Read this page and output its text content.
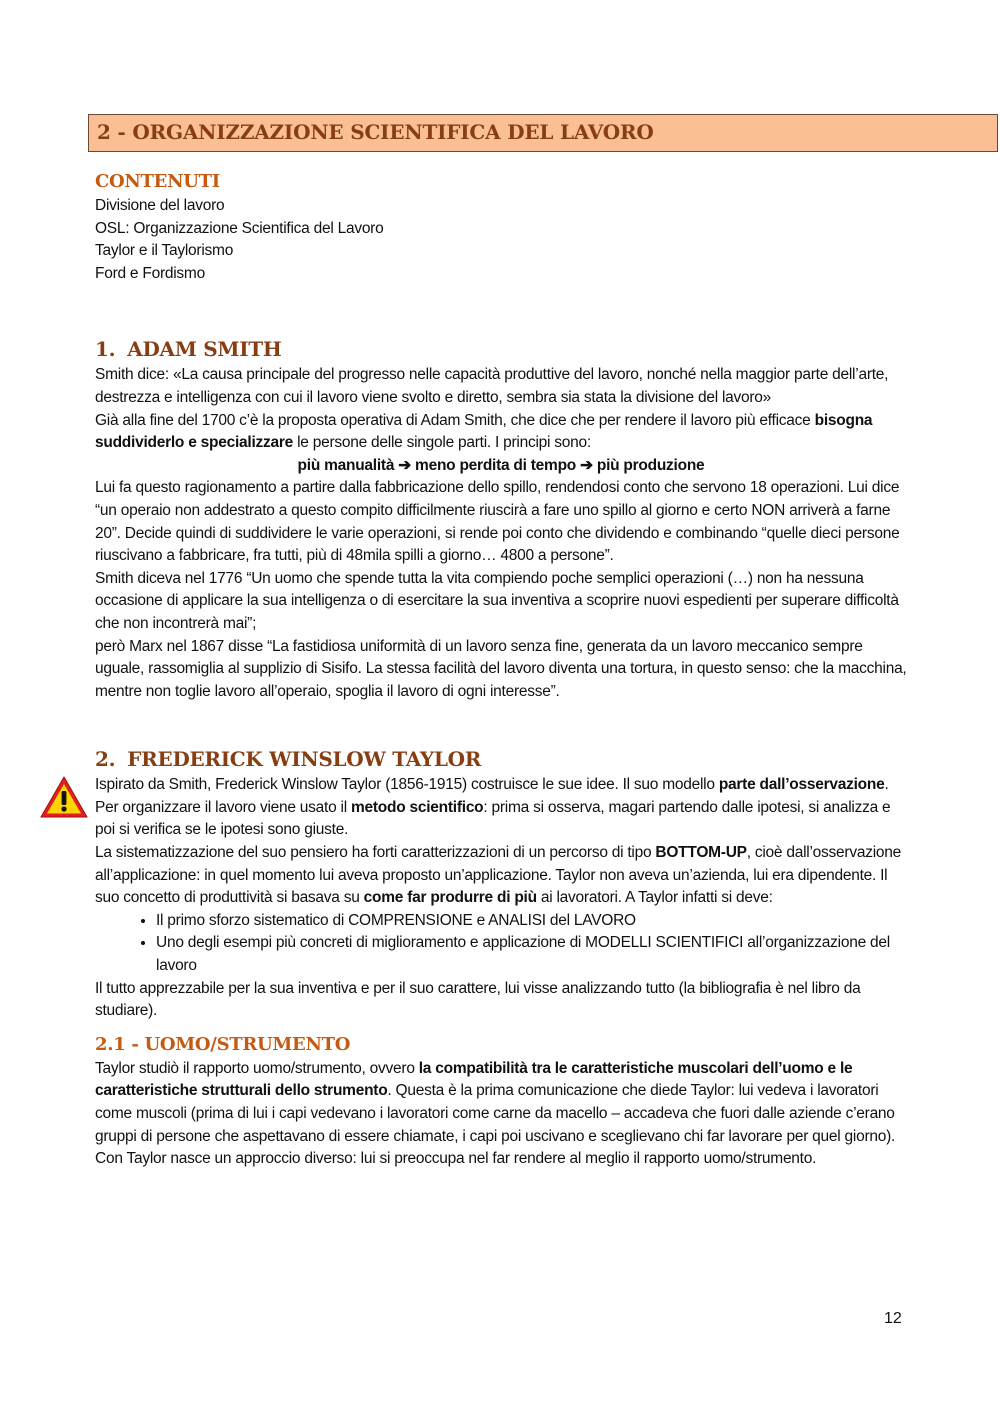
2 - ORGANIZZAZIONE SCIENTIFICA DEL LAVORO
CONTENUTI

Divisione del lavoro

OSL: Organizzazione Scientifica del Lavoro

Taylor e il Taylorismo

Ford e Fordismo

1. ADAM SMITH

Smith dice: «La causa principale del progresso nelle capacità produttive del lavoro, nonché nella maggior parte dell’arte, destrezza e intelligenza con cui il lavoro viene svolto e diretto, sembra sia stata la divisione del lavoro»

Già alla fine del 1700 c’è la proposta operativa di Adam Smith, che dice che per rendere il lavoro più efficace bisogna suddividerlo e specializzare le persone delle singole parti. I principi sono:

più manualità ➔ meno perdita di tempo ➔ più produzione

Lui fa questo ragionamento a partire dalla fabbricazione dello spillo, rendendosi conto che servono 18 operazioni. Lui dice “un operaio non addestrato a questo compito difficilmente riuscirà a fare uno spillo al giorno e certo NON arriverà a farne 20”. Decide quindi di suddividere le varie operazioni, si rende poi conto che dividendo e combinando “quelle dieci persone riuscivano a fabbricare, fra tutti, più di 48mila spilli a giorno… 4800 a persone”.

Smith diceva nel 1776 “Un uomo che spende tutta la vita compiendo poche semplici operazioni (…) non ha nessuna occasione di applicare la sua intelligenza o di esercitare la sua inventiva a scoprire nuovi espedienti per superare difficoltà che non incontrerà mai”;

però Marx nel 1867 disse “La fastidiosa uniformità di un lavoro senza fine, generata da un lavoro meccanico sempre uguale, rassomiglia al supplizio di Sisifo. La stessa facilità del lavoro diventa una tortura, in questo senso: che la macchina, mentre non toglie lavoro all’operaio, spoglia il lavoro di ogni interesse”.

2. FREDERICK WINSLOW TAYLOR

Ispirato da Smith, Frederick Winslow Taylor (1856-1915) costruisce le sue idee. Il suo modello parte dall’osservazione. Per organizzare il lavoro viene usato il metodo scientifico: prima si osserva, magari partendo dalle ipotesi, si analizza e poi si verifica se le ipotesi sono giuste.

La sistematizzazione del suo pensiero ha forti caratterizzazioni di un percorso di tipo BOTTOM-UP, cioè dall’osservazione all’applicazione: in quel momento lui aveva proposto un’applicazione. Taylor non aveva un’azienda, lui era dipendente. Il suo concetto di produttività si basava su come far produrre di più ai lavoratori. A Taylor infatti si deve:

• Il primo sforzo sistematico di COMPRENSIONE e ANALISI del LAVORO
• Uno degli esempi più concreti di miglioramento e applicazione di MODELLI SCIENTIFICI all’organizzazione del lavoro

Il tutto apprezzabile per la sua inventiva e per il suo carattere, lui visse analizzando tutto (la bibliografia è nel libro da studiare).

2.1 - UOMO/STRUMENTO

Taylor studiò il rapporto uomo/strumento, ovvero la compatibilità tra le caratteristiche muscolari dell’uomo e le caratteristiche strutturali dello strumento. Questa è la prima comunicazione che diede Taylor: lui vedeva i lavoratori come muscoli (prima di lui i capi vedevano i lavoratori come carne da macello – accadeva che fuori dalle aziende c’erano gruppi di persone che aspettavano di essere chiamate, i capi poi uscivano e sceglievano chi far lavorare per quel giorno). Con Taylor nasce un approccio diverso: lui si preoccupa nel far rendere al meglio il rapporto uomo/strumento.

12
